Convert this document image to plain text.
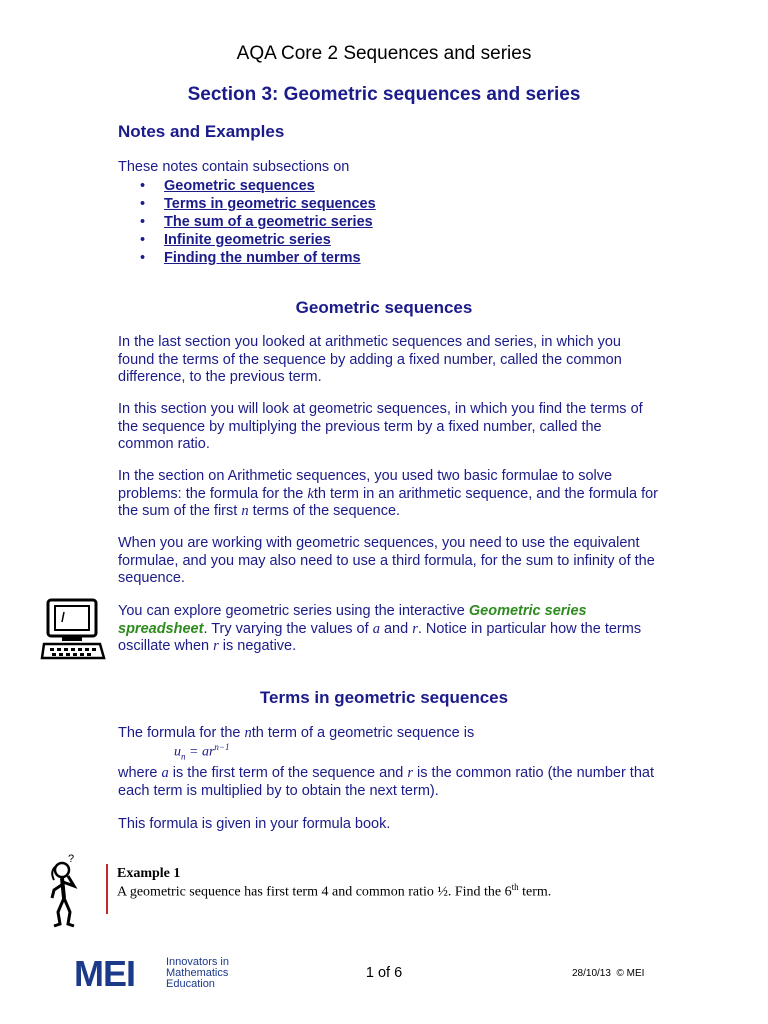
AQA Core 2 Sequences and series
Section 3: Geometric sequences and series
Notes and Examples
These notes contain subsections on
• Geometric sequences
• Terms in geometric sequences
• The sum of a geometric series
• Infinite geometric series
• Finding the number of terms
Geometric sequences
In the last section you looked at arithmetic sequences and series, in which you found the terms of the sequence by adding a fixed number, called the common difference, to the previous term.
In this section you will look at geometric sequences, in which you find the terms of the sequence by multiplying the previous term by a fixed number, called the common ratio.
In the section on Arithmetic sequences, you used two basic formulae to solve problems: the formula for the kth term in an arithmetic sequence, and the formula for the sum of the first n terms of the sequence.
When you are working with geometric sequences, you need to use the equivalent formulae, and you may also need to use a third formula, for the sum to infinity of the sequence.
You can explore geometric series using the interactive Geometric series spreadsheet. Try varying the values of a and r. Notice in particular how the terms oscillate when r is negative.
Terms in geometric sequences
The formula for the nth term of a geometric sequence is
$u_n = ar^{n-1}$
where a is the first term of the sequence and r is the common ratio (the number that each term is multiplied by to obtain the next term).
This formula is given in your formula book.
?
Example 1
A geometric sequence has first term 4 and common ratio ½. Find the 6th term.
MEI	Innovators in
Mathematics
Education
1 of 6	28/10/13 © MEI
